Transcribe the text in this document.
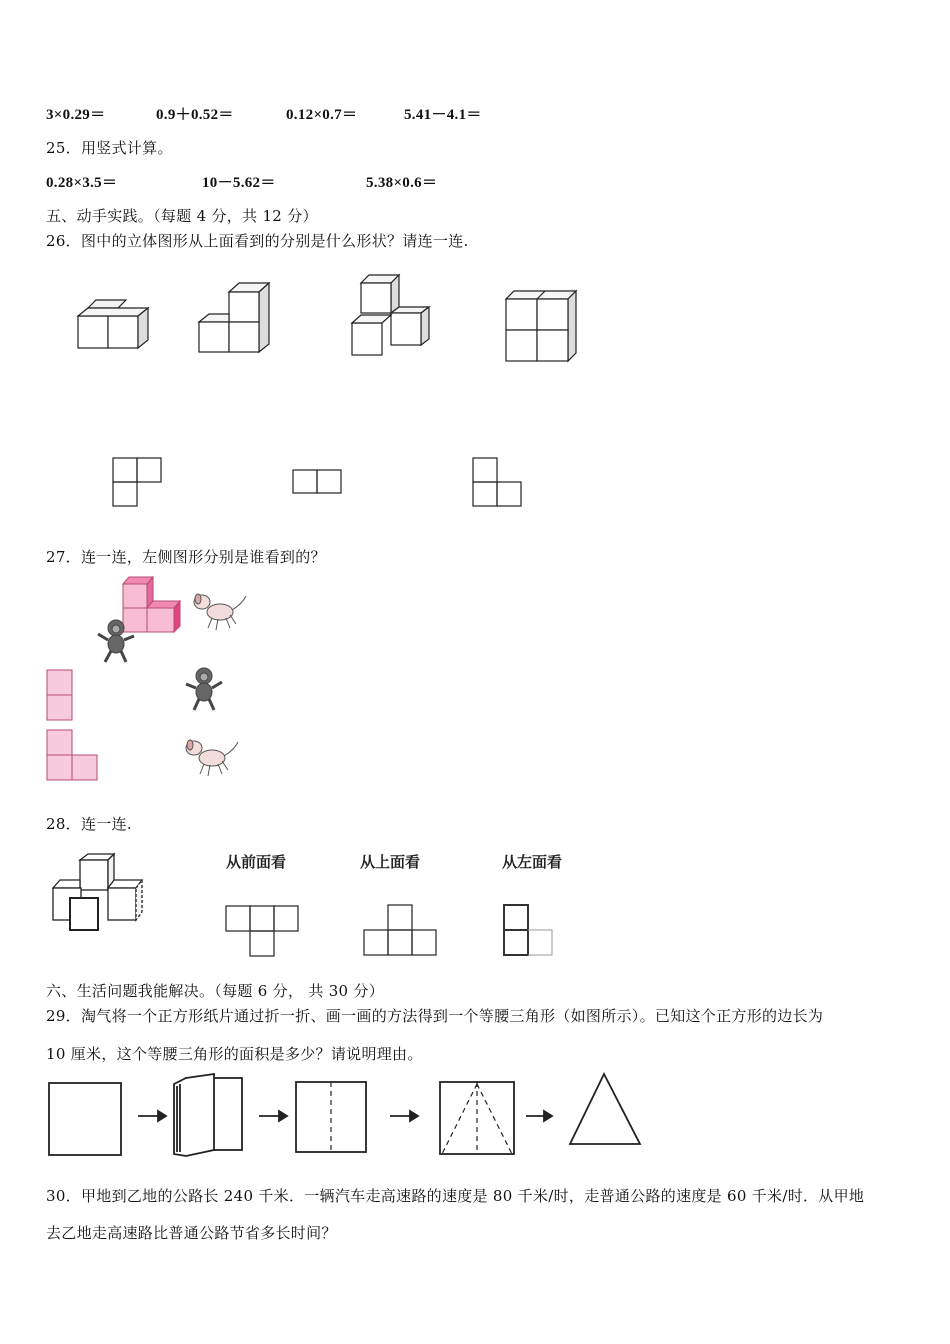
3×0.29＝	0.9＋0.52＝	0.12×0.7＝	5.41－4.1＝
25．用竖式计算。
0.28×3.5＝	10－5.62＝	5.38×0.6＝
五、动手实践。（每题 4 分，共 12 分）
26．图中的立体图形从上面看到的分别是什么形状？请连一连.
27．连一连，左侧图形分别是谁看到的？
28．连一连.
从前面看	从上面看	从左面看
六、生活问题我能解决。（每题 6 分， 共 30 分）
29．淘气将一个正方形纸片通过折一折、画一画的方法得到一个等腰三角形（如图所示）。已知这个正方形的边长为
10 厘米，这个等腰三角形的面积是多少？请说明理由。
30．甲地到乙地的公路长 240 千米．一辆汽车走高速路的速度是 80 千米/时，走普通公路的速度是 60 千米/时．从甲地
去乙地走高速路比普通公路节省多长时间？
